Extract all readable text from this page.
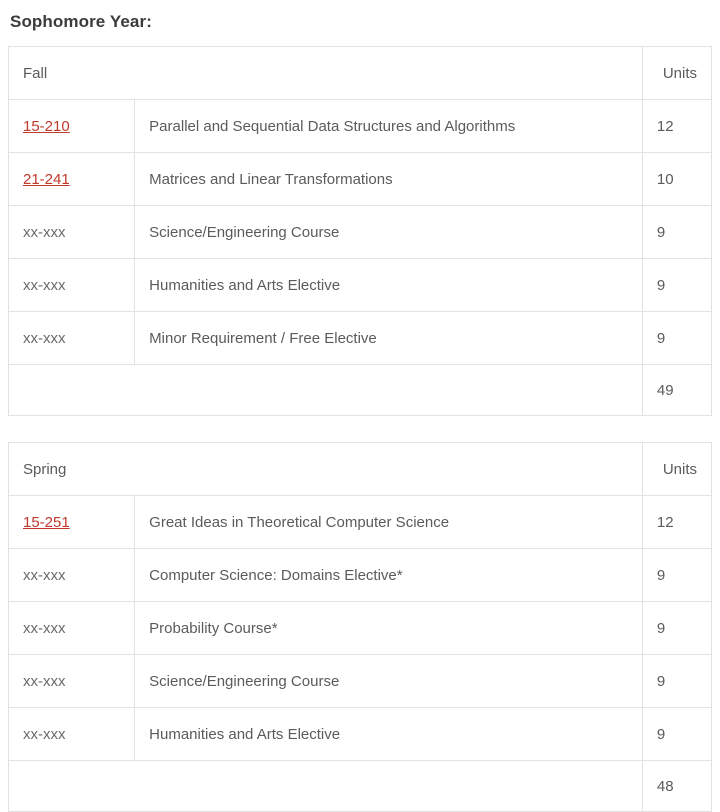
Sophomore Year:
Fall		Units
15-210	Parallel and Sequential Data Structures and Algorithms	12
21-241	Matrices and Linear Transformations	10
xx-xxx	Science/Engineering Course	9
xx-xxx	Humanities and Arts Elective	9
xx-xxx	Minor Requirement / Free Elective	9
		49
Spring		Units
15-251	Great Ideas in Theoretical Computer Science	12
xx-xxx	Computer Science: Domains Elective*	9
xx-xxx	Probability Course*	9
xx-xxx	Science/Engineering Course	9
xx-xxx	Humanities and Arts Elective	9
		48
